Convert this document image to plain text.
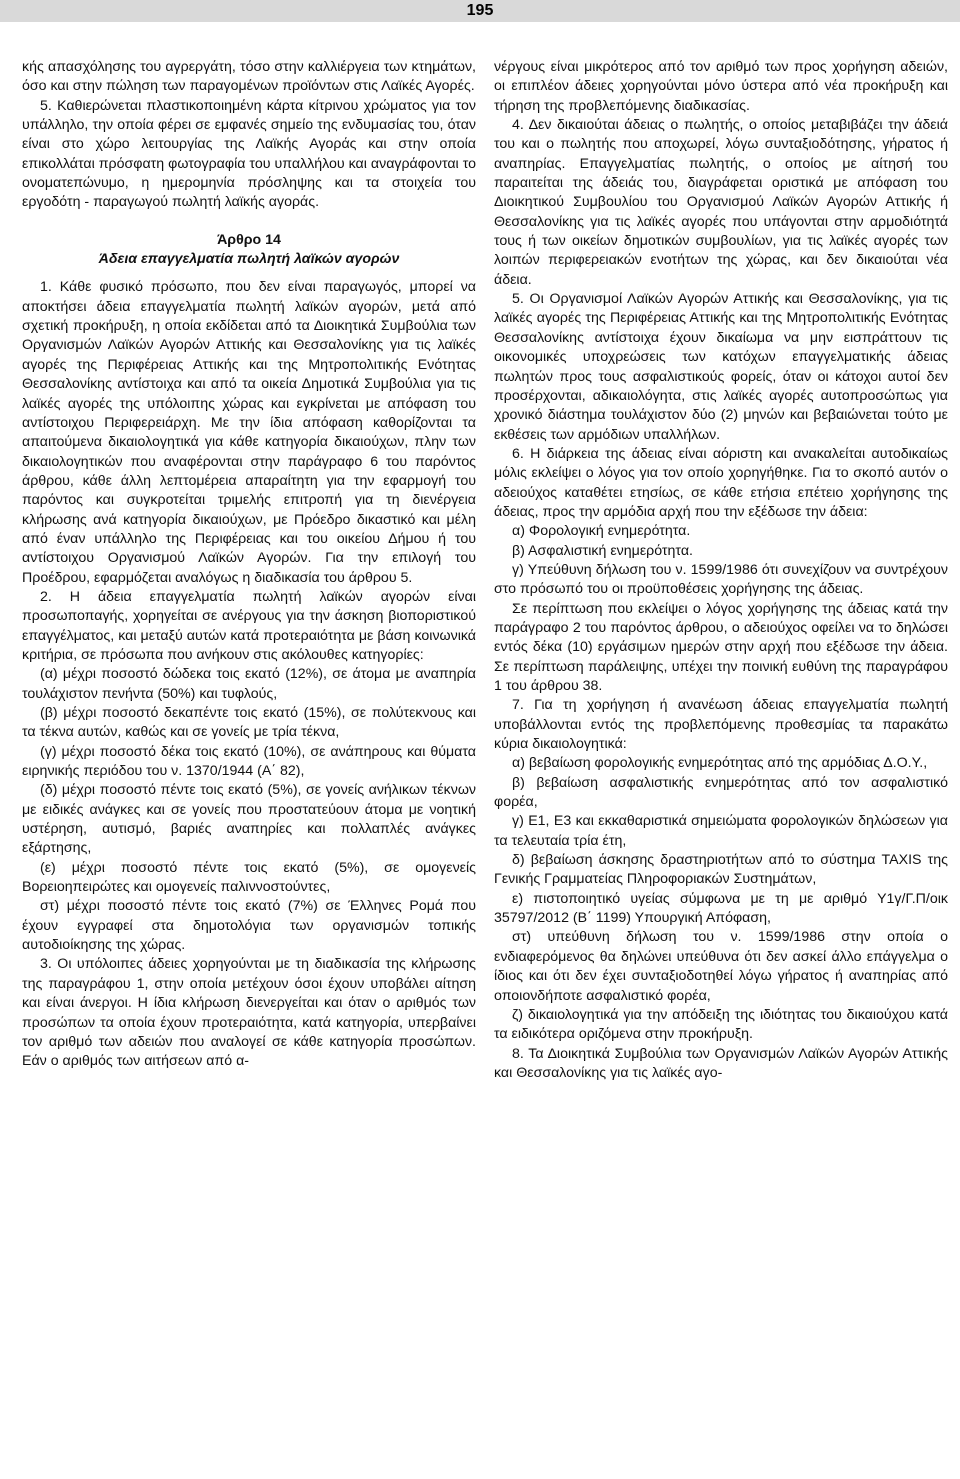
195

κής απασχόλησης του αγρεργάτη, τόσο στην καλλιέργεια των κτημάτων, όσο και στην πώληση των παραγομένων προϊόντων στις Λαϊκές Αγορές.

5. Καθιερώνεται πλαστικοποιημένη κάρτα κίτρινου χρώματος για τον υπάλληλο, την οποία φέρει σε εμφανές σημείο της ενδυμασίας του, όταν είναι στο χώρο λειτουργίας της Λαϊκής Αγοράς και στην οποία επικολλάται πρόσφατη φωτογραφία του υπαλλήλου και αναγράφονται το ονοματεπώνυμο, η ημερομηνία πρόσληψης και τα στοιχεία του εργοδότη - παραγωγού πωλητή λαϊκής αγοράς.

Άρθρο 14

Άδεια επαγγελματία πωλητή λαϊκών αγορών

1. Κάθε φυσικό πρόσωπο, που δεν είναι παραγωγός, μπορεί να αποκτήσει άδεια επαγγελματία πωλητή λαϊκών αγορών, μετά από σχετική προκήρυξη, η οποία εκδίδεται από τα Διοικητικά Συμβούλια των Οργανισμών Λαϊκών Αγορών Αττικής και Θεσσαλονίκης για τις λαϊκές αγορές της Περιφέρειας Αττικής και της Μητροπολιτικής Ενότητας Θεσσαλονίκης αντίστοιχα και από τα οικεία Δημοτικά Συμβούλια για τις λαϊκές αγορές της υπόλοιπης χώρας και εγκρίνεται με απόφαση του αντίστοιχου Περιφερειάρχη. Με την ίδια απόφαση καθορίζονται τα απαιτούμενα δικαιολογητικά για κάθε κατηγορία δικαιούχων, πλην των δικαιολογητικών που αναφέρονται στην παράγραφο 6 του παρόντος άρθρου, κάθε άλλη λεπτομέρεια απαραίτητη για την εφαρμογή του παρόντος και συγκροτείται τριμελής επιτροπή για τη διενέργεια κλήρωσης ανά κατηγορία δικαιούχων, με Πρόεδρο δικαστικό και μέλη από έναν υπάλληλο της Περιφέρειας και του οικείου Δήμου ή του αντίστοιχου Οργανισμού Λαϊκών Αγορών. Για την επιλογή του Προέδρου, εφαρμόζεται αναλόγως η διαδικασία του άρθρου 5.

2. Η άδεια επαγγελματία πωλητή λαϊκών αγορών είναι προσωποπαγής, χορηγείται σε ανέργους για την άσκηση βιοποριστικού επαγγέλματος, και μεταξύ αυτών κατά προτεραιότητα με βάση κοινωνικά κριτήρια, σε πρόσωπα που ανήκουν στις ακόλουθες κατηγορίες:

(α) μέχρι ποσοστό δώδεκα τοις εκατό (12%), σε άτομα με αναπηρία τουλάχιστον πενήντα (50%) και τυφλούς,

(β) μέχρι ποσοστό δεκαπέντε τοις εκατό (15%), σε πολύτεκνους και τα τέκνα αυτών, καθώς και σε γονείς με τρία τέκνα,

(γ) μέχρι ποσοστό δέκα τοις εκατό (10%), σε ανάπηρους και θύματα ειρηνικής περιόδου του ν. 1370/1944 (Α΄ 82),

(δ) μέχρι ποσοστό πέντε τοις εκατό (5%), σε γονείς ανήλικων τέκνων με ειδικές ανάγκες και σε γονείς που προστατεύουν άτομα με νοητική υστέρηση, αυτισμό, βαριές αναπηρίες και πολλαπλές ανάγκες εξάρτησης,

(ε) μέχρι ποσοστό πέντε τοις εκατό (5%), σε ομογενείς Βορειοηπειρώτες και ομογενείς παλιννοστούντες,

στ) μέχρι ποσοστό πέντε τοις εκατό (7%) σε Έλληνες Ρομά που έχουν εγγραφεί στα δημοτολόγια των οργανισμών τοπικής αυτοδιοίκησης της χώρας.

3. Οι υπόλοιπες άδειες χορηγούνται με τη διαδικασία της κλήρωσης της παραγράφου 1, στην οποία μετέχουν όσοι έχουν υποβάλει αίτηση και είναι άνεργοι. Η ίδια κλήρωση διενεργείται και όταν ο αριθμός των προσώπων τα οποία έχουν προτεραιότητα, κατά κατηγορία, υπερβαίνει τον αριθμό των αδειών που αναλογεί σε κάθε κατηγορία προσώπων. Εάν ο αριθμός των αιτήσεων από α-

νέργους είναι μικρότερος από τον αριθμό των προς χορήγηση αδειών, οι επιπλέον άδειες χορηγούνται μόνο ύστερα από νέα προκήρυξη και τήρηση της προβλεπόμενης διαδικασίας.

4. Δεν δικαιούται άδειας ο πωλητής, ο οποίος μεταβιβάζει την άδειά του και ο πωλητής που αποχωρεί, λόγω συνταξιοδότησης, γήρατος ή αναπηρίας. Επαγγελματίας πωλητής, ο οποίος με αίτησή του παραιτείται της άδειάς του, διαγράφεται οριστικά με απόφαση του Διοικητικού Συμβουλίου του Οργανισμού Λαϊκών Αγορών Αττικής ή Θεσσαλονίκης για τις λαϊκές αγορές που υπάγονται στην αρμοδιότητά τους ή των οικείων δημοτικών συμβουλίων, για τις λαϊκές αγορές των λοιπών περιφερειακών ενοτήτων της χώρας, και δεν δικαιούται νέα άδεια.

5. Οι Οργανισμοί Λαϊκών Αγορών Αττικής και Θεσσαλονίκης, για τις λαϊκές αγορές της Περιφέρειας Αττικής και της Μητροπολιτικής Ενότητας Θεσσαλονίκης αντίστοιχα έχουν δικαίωμα να μην εισπράττουν τις οικονομικές υποχρεώσεις των κατόχων επαγγελματικής άδειας πωλητών προς τους ασφαλιστικούς φορείς, όταν οι κάτοχοι αυτοί δεν προσέρχονται, αδικαιολόγητα, στις λαϊκές αγορές αυτοπροσώπως για χρονικό διάστημα τουλάχιστον δύο (2) μηνών και βεβαιώνεται τούτο με εκθέσεις των αρμόδιων υπαλλήλων.

6. Η διάρκεια της άδειας είναι αόριστη και ανακαλείται αυτοδικαίως μόλις εκλείψει ο λόγος για τον οποίο χορηγήθηκε. Για το σκοπό αυτόν ο αδειούχος καταθέτει ετησίως, σε κάθε ετήσια επέτειο χορήγησης της άδειας, προς την αρμόδια αρχή που την εξέδωσε την άδεια:

α) Φορολογική ενημερότητα.

β) Ασφαλιστική ενημερότητα.

γ) Υπεύθυνη δήλωση του ν. 1599/1986 ότι συνεχίζουν να συντρέχουν στο πρόσωπό του οι προϋποθέσεις χορήγησης της άδειας.

Σε περίπτωση που εκλείψει ο λόγος χορήγησης της άδειας κατά την παράγραφο 2 του παρόντος άρθρου, ο αδειούχος οφείλει να το δηλώσει εντός δέκα (10) εργάσιμων ημερών στην αρχή που εξέδωσε την άδεια. Σε περίπτωση παράλειψης, υπέχει την ποινική ευθύνη της παραγράφου 1 του άρθρου 38.

7. Για τη χορήγηση ή ανανέωση άδειας επαγγελματία πωλητή υποβάλλονται εντός της προβλεπόμενης προθεσμίας τα παρακάτω κύρια δικαιολογητικά:

α) βεβαίωση φορολογικής ενημερότητας από της αρμόδιας Δ.Ο.Υ.,

β) βεβαίωση ασφαλιστικής ενημερότητας από τον ασφαλιστικό φορέα,

γ) Ε1, Ε3 και εκκαθαριστικά σημειώματα φορολογικών δηλώσεων για τα τελευταία τρία έτη,

δ) βεβαίωση άσκησης δραστηριοτήτων από το σύστημα TAXIS της Γενικής Γραμματείας Πληροφοριακών Συστημάτων,

ε) πιστοποιητικό υγείας σύμφωνα με τη με αριθμό Υ1γ/Γ.Π/οικ 35797/2012 (Β΄ 1199) Υπουργική Απόφαση,

στ) υπεύθυνη δήλωση του ν. 1599/1986 στην οποία ο ενδιαφερόμενος θα δηλώνει υπεύθυνα ότι δεν ασκεί άλλο επάγγελμα ο ίδιος και ότι δεν έχει συνταξιοδοτηθεί λόγω γήρατος ή αναπηρίας από οποιονδήποτε ασφαλιστικό φορέα,

ζ) δικαιολογητικά για την απόδειξη της ιδιότητας του δικαιούχου κατά τα ειδικότερα οριζόμενα στην προκήρυξη.

8. Τα Διοικητικά Συμβούλια των Οργανισμών Λαϊκών Αγορών Αττικής και Θεσσαλονίκης για τις λαϊκές αγο-
